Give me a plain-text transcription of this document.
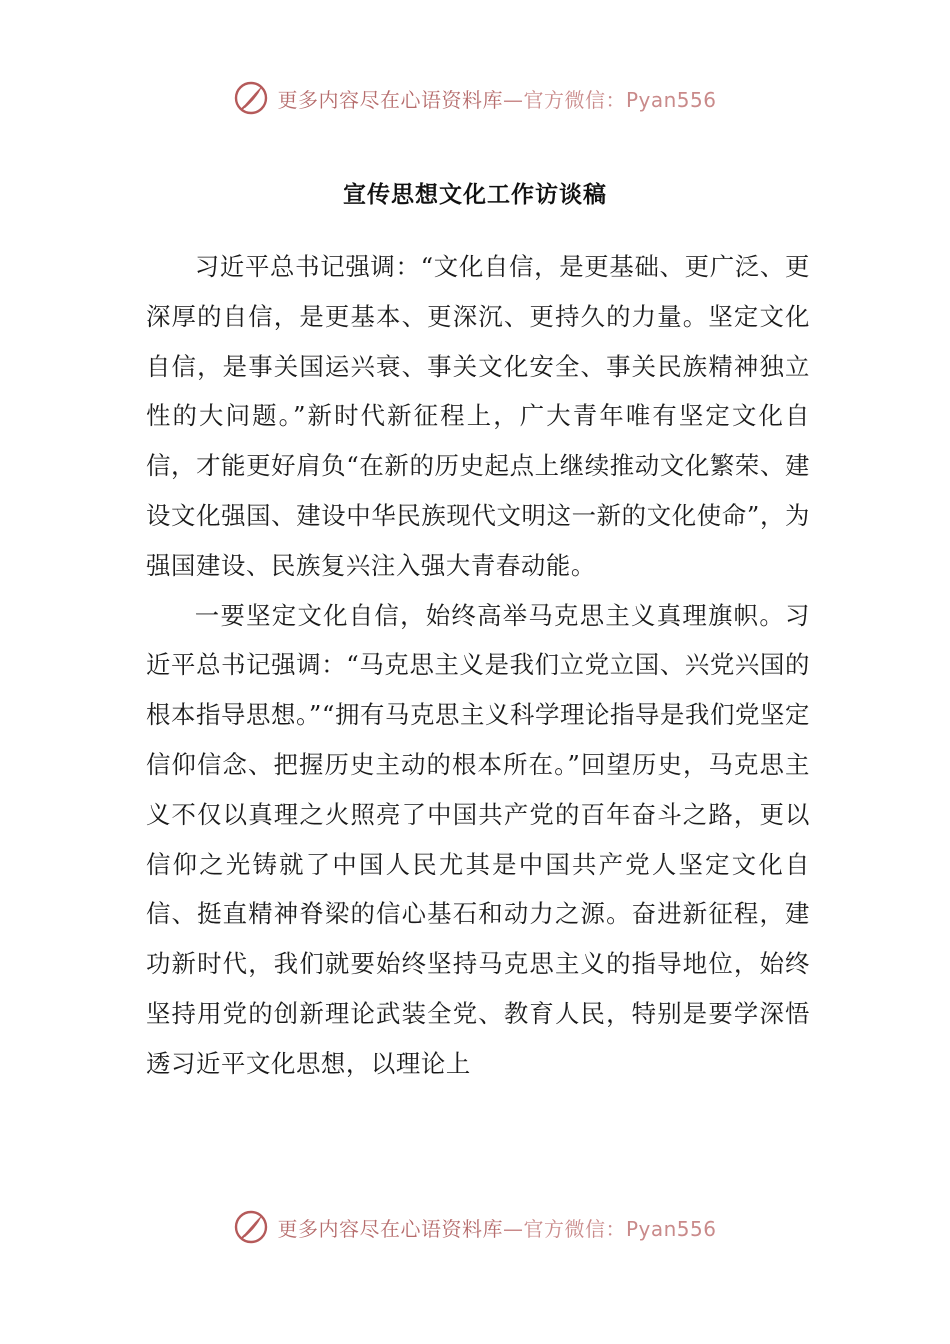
更多内容尽在心语资料库—官方微信：Pyan556
宣传思想文化工作访谈稿

习近平总书记强调：“文化自信，是更基础、更广泛、更深厚的自信，是更基本、更深沉、更持久的力量。坚定文化自信，是事关国运兴衰、事关文化安全、事关民族精神独立性的大问题。”新时代新征程上，广大青年唯有坚定文化自信，才能更好肩负“在新的历史起点上继续推动文化繁荣、建设文化强国、建设中华民族现代文明这一新的文化使命”，为强国建设、民族复兴注入强大青春动能。

一要坚定文化自信，始终高举马克思主义真理旗帜。习近平总书记强调：“马克思主义是我们立党立国、兴党兴国的根本指导思想。”“拥有马克思主义科学理论指导是我们党坚定信仰信念、把握历史主动的根本所在。”回望历史，马克思主义不仅以真理之火照亮了中国共产党的百年奋斗之路，更以信仰之光铸就了中国人民尤其是中国共产党人坚定文化自信、挺直精神脊梁的信心基石和动力之源。奋进新征程，建功新时代，我们就要始终坚持马克思主义的指导地位，始终坚持用党的创新理论武装全党、教育人民，特别是要学深悟透习近平文化思想，以理论上

更多内容尽在心语资料库—官方微信：Pyan556
